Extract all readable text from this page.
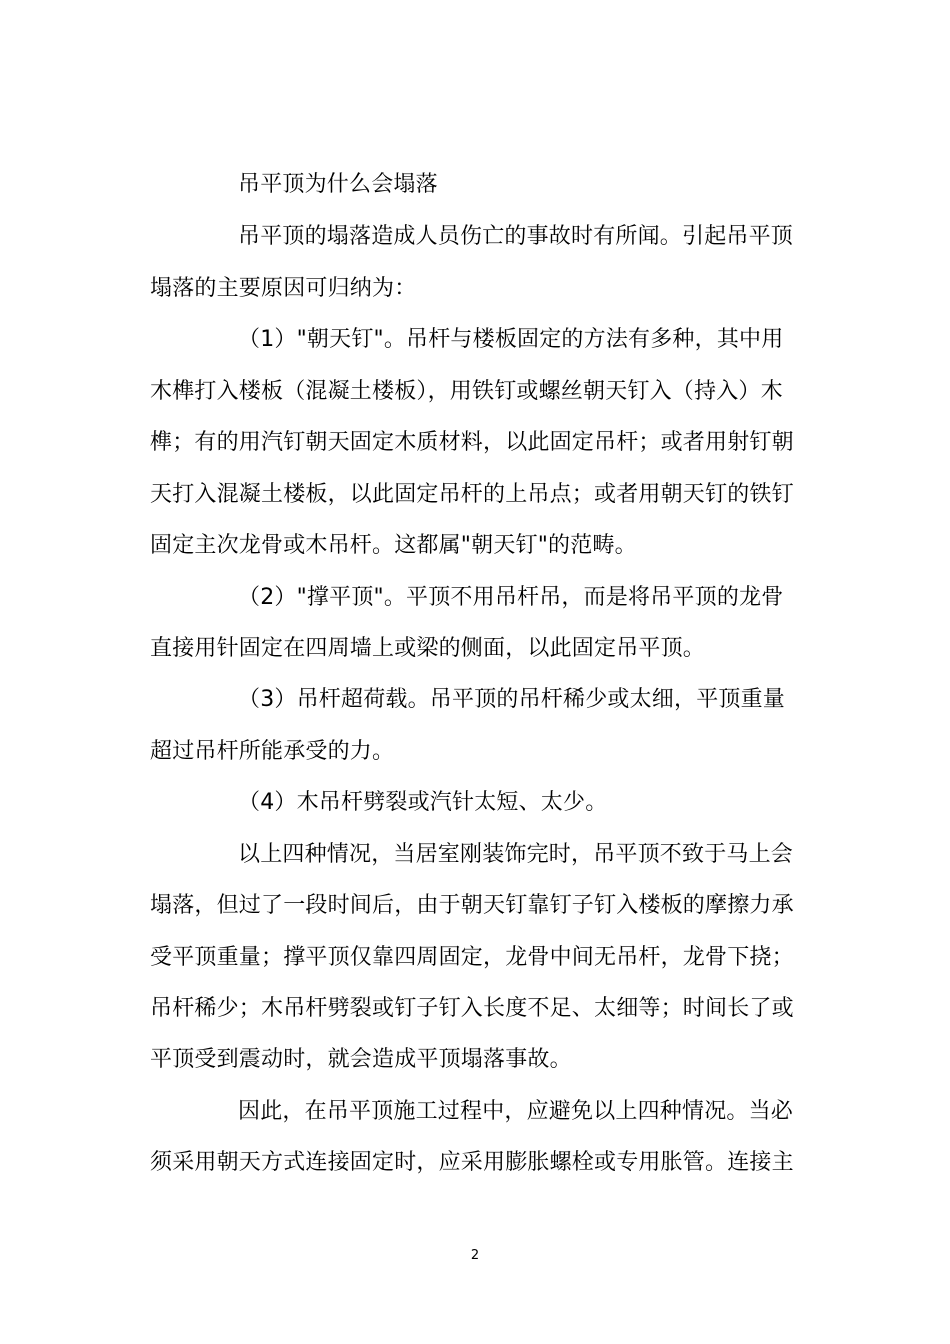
吊平顶为什么会塌落
吊平顶的塌落造成人员伤亡的事故时有所闻。引起吊平顶
塌落的主要原因可归纳为：
（1）"朝天钉"。吊杆与楼板固定的方法有多种，其中用
木榫打入楼板（混凝土楼板），用铁钉或螺丝朝天钉入（持入）木
榫；有的用汽钉朝天固定木质材料，以此固定吊杆；或者用射钉朝
天打入混凝土楼板，以此固定吊杆的上吊点；或者用朝天钉的铁钉
固定主次龙骨或木吊杆。这都属"朝天钉"的范畴。
（2）"撑平顶"。平顶不用吊杆吊，而是将吊平顶的龙骨
直接用针固定在四周墙上或梁的侧面，以此固定吊平顶。
（3）吊杆超荷载。吊平顶的吊杆稀少或太细，平顶重量
超过吊杆所能承受的力。
（4）木吊杆劈裂或汽针太短、太少。
以上四种情况，当居室刚装饰完时，吊平顶不致于马上会
塌落，但过了一段时间后，由于朝天钉靠钉子钉入楼板的摩擦力承
受平顶重量；撑平顶仅靠四周固定，龙骨中间无吊杆，龙骨下挠；
吊杆稀少；木吊杆劈裂或钉子钉入长度不足、太细等；时间长了或
平顶受到震动时，就会造成平顶塌落事故。
因此，在吊平顶施工过程中，应避免以上四种情况。当必
须采用朝天方式连接固定时，应采用膨胀螺栓或专用胀管。连接主
2
